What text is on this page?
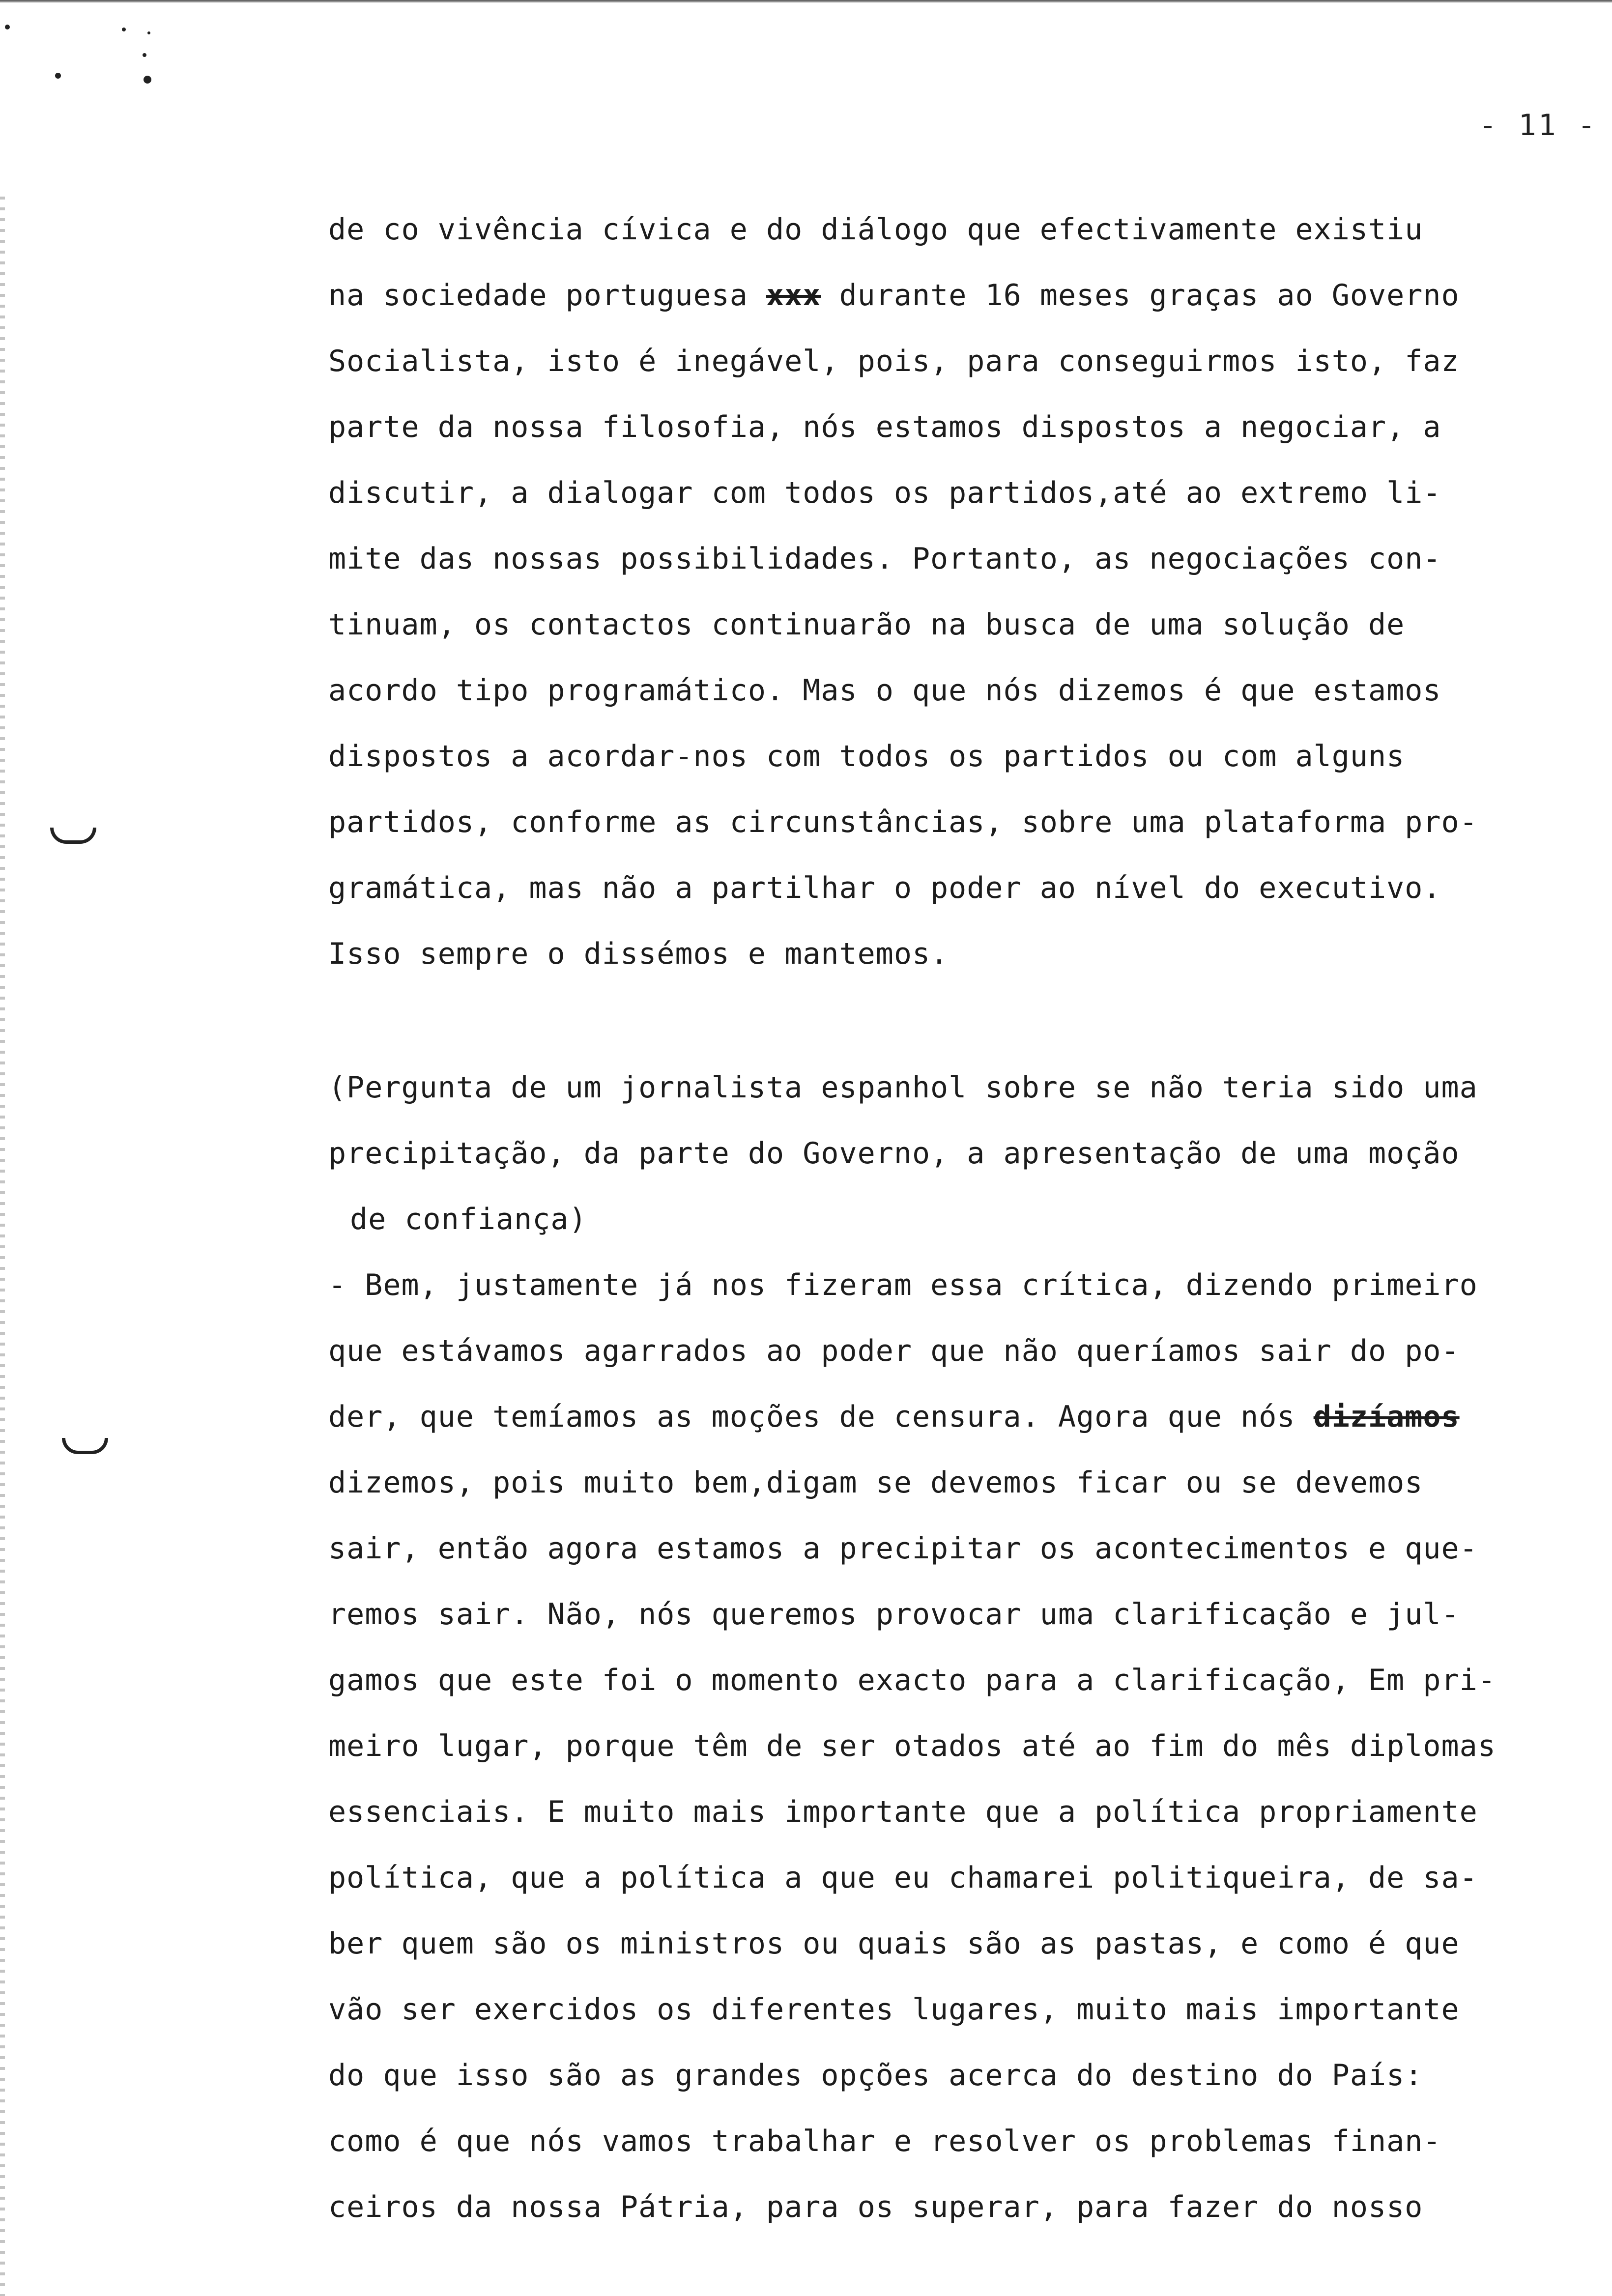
- 11 -
de co vivência cívica e do diálogo que efectivamente existiu
na sociedade portuguesa xxx durante 16 meses graças ao Governo
Socialista, isto é inegável, pois, para conseguirmos isto, faz
parte da nossa filosofia, nós estamos dispostos a negociar, a
discutir, a dialogar com todos os partidos,até ao extremo li-
mite das nossas possibilidades. Portanto, as negociações con-
tinuam, os contactos continuarão na busca de uma solução de
acordo tipo programático. Mas o que nós dizemos é que estamos
dispostos a acordar-nos com todos os partidos ou com alguns
partidos, conforme as circunstâncias, sobre uma plataforma pro-
gramática, mas não a partilhar o poder ao nível do executivo.
Isso sempre o dissémos e mantemos.
(Pergunta de um jornalista espanhol sobre se não teria sido uma
precipitação, da parte do Governo, a apresentação de uma moção
de confiança)
- Bem, justamente já nos fizeram essa crítica, dizendo primeiro
que estávamos agarrados ao poder que não queríamos sair do po-
der, que temíamos as moções de censura. Agora que nós dizíamos
dizemos, pois muito bem,digam se devemos ficar ou se devemos
sair, então agora estamos a precipitar os acontecimentos e que-
remos sair. Não, nós queremos provocar uma clarificação e jul-
gamos que este foi o momento exacto para a clarificação, Em pri-
meiro lugar, porque têm de ser otados até ao fim do mês diplomas
essenciais. E muito mais importante que a política propriamente
política, que a política a que eu chamarei politiqueira, de sa-
ber quem são os ministros ou quais são as pastas, e como é que
vão ser exercidos os diferentes lugares, muito mais importante
do que isso são as grandes opções acerca do destino do País:
como é que nós vamos trabalhar e resolver os problemas finan-
ceiros da nossa Pátria, para os superar, para fazer do nosso
